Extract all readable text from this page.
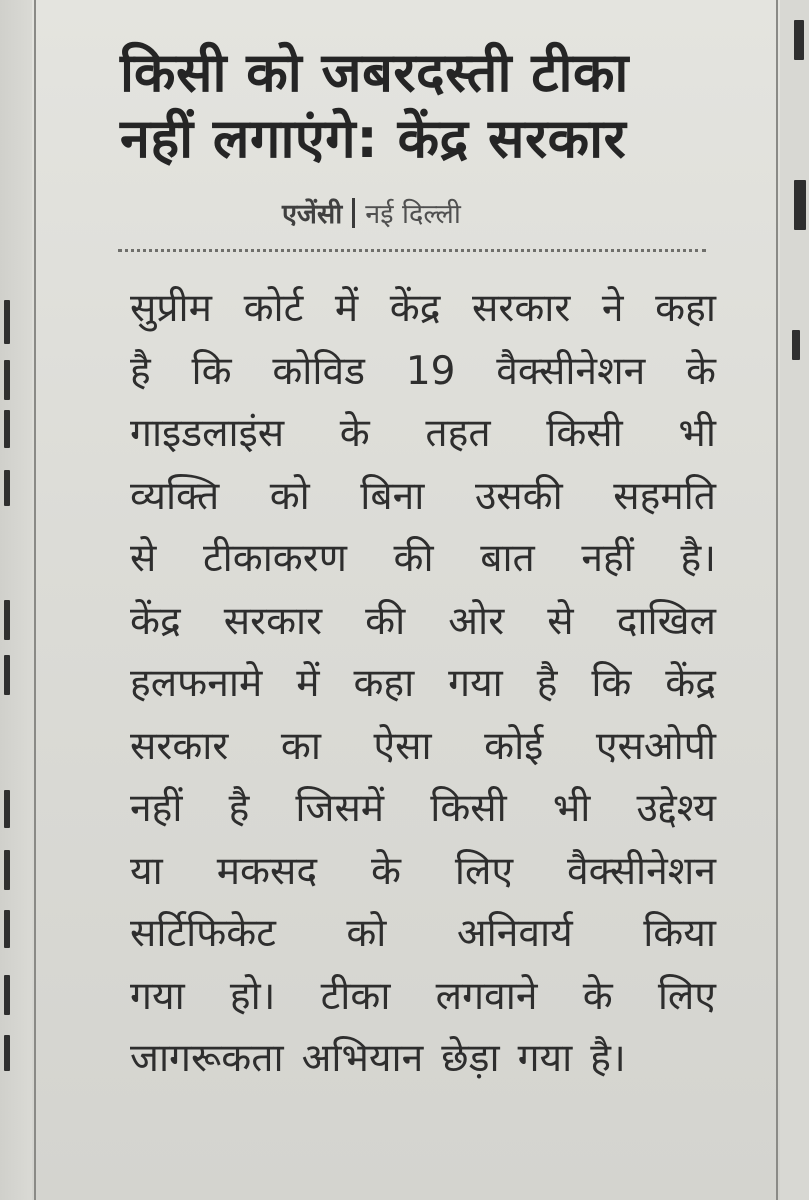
किसी को जबरदस्ती टीका
नहीं लगाएंगे: केंद्र सरकार
एजेंसी नई दिल्ली
सुप्रीम कोर्ट में केंद्र सरकार ने कहा
है कि कोविड 19 वैक्सीनेशन के
गाइडलाइंस के तहत किसी भी
व्यक्ति को बिना उसकी सहमति
से टीकाकरण की बात नहीं है।
केंद्र सरकार की ओर से दाखिल
हलफनामे में कहा गया है कि केंद्र
सरकार का ऐसा कोई एसओपी
नहीं है जिसमें किसी भी उद्देश्य
या मकसद के लिए वैक्सीनेशन
सर्टिफिकेट को अनिवार्य किया
गया हो। टीका लगवाने के लिए
जागरूकता अभियान छेड़ा गया है।
